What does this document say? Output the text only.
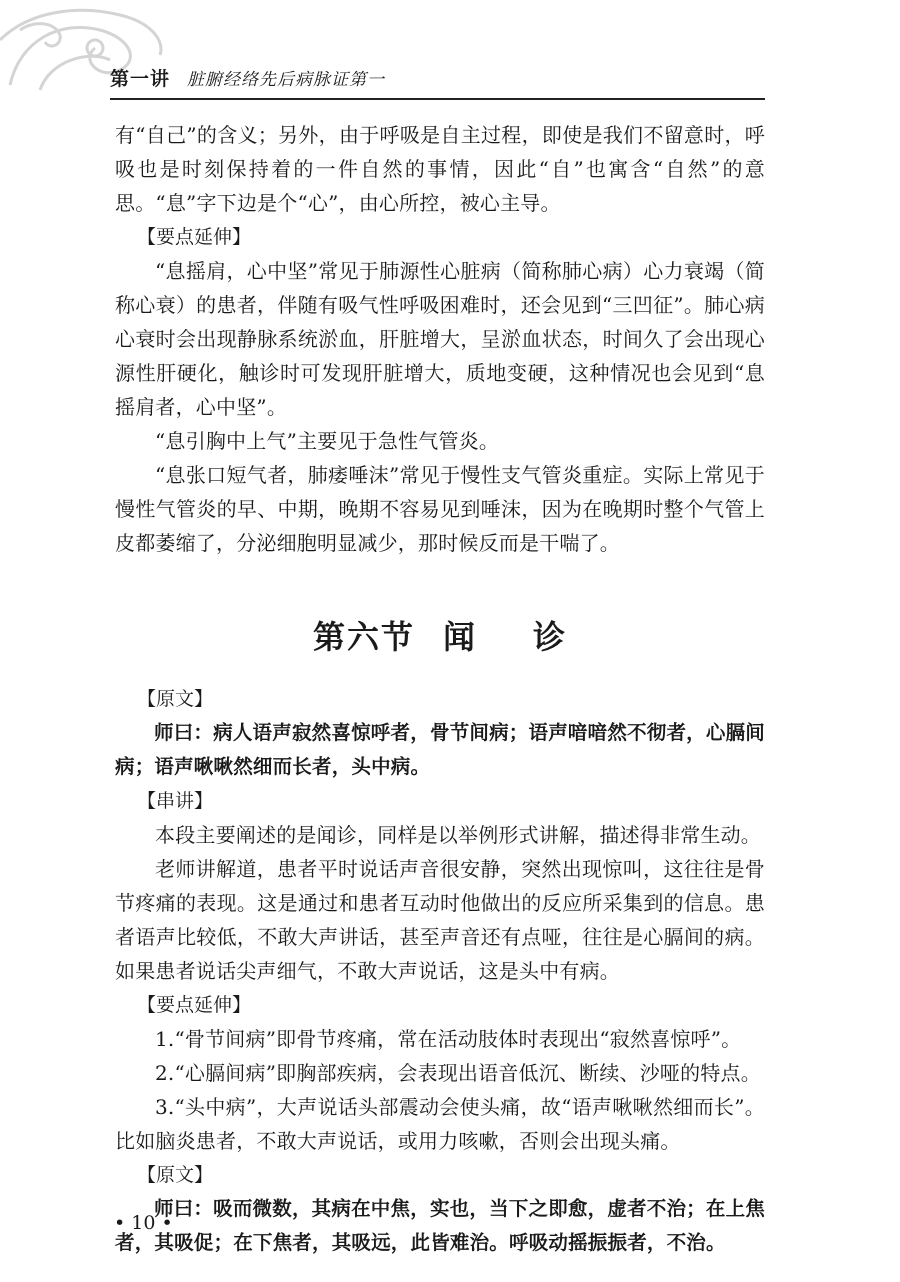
第一讲 脏腑经络先后病脉证第一

有“自己”的含义；另外，由于呼吸是自主过程，即使是我们不留意时，呼吸也是时刻保持着的一件自然的事情，因此“自”也寓含“自然”的意思。“息”字下边是个“心”，由心所控，被心主导。

【要点延伸】

“息摇肩，心中坚”常见于肺源性心脏病（简称肺心病）心力衰竭（简称心衰）的患者，伴随有吸气性呼吸困难时，还会见到“三凹征”。肺心病心衰时会出现静脉系统淤血，肝脏增大，呈淤血状态，时间久了会出现心源性肝硬化，触诊时可发现肝脏增大，质地变硬，这种情况也会见到“息摇肩者，心中坚”。

“息引胸中上气”主要见于急性气管炎。

“息张口短气者，肺痿唾沫”常见于慢性支气管炎重症。实际上常见于慢性气管炎的早、中期，晚期不容易见到唾沫，因为在晚期时整个气管上皮都萎缩了，分泌细胞明显减少，那时候反而是干喘了。

第六节 闻 诊
【原文】

师曰：病人语声寂然喜惊呼者，骨节间病；语声喑喑然不彻者，心膈间病；语声啾啾然细而长者，头中病。

【串讲】

本段主要阐述的是闻诊，同样是以举例形式讲解，描述得非常生动。

老师讲解道，患者平时说话声音很安静，突然出现惊叫，这往往是骨节疼痛的表现。这是通过和患者互动时他做出的反应所采集到的信息。患者语声比较低，不敢大声讲话，甚至声音还有点哑，往往是心膈间的病。如果患者说话尖声细气，不敢大声说话，这是头中有病。

【要点延伸】

1.“骨节间病”即骨节疼痛，常在活动肢体时表现出“寂然喜惊呼”。

2.“心膈间病”即胸部疾病，会表现出语音低沉、断续、沙哑的特点。

3.“头中病”，大声说话头部震动会使头痛，故“语声啾啾然细而长”。比如脑炎患者，不敢大声说话，或用力咳嗽，否则会出现头痛。

【原文】

师曰：吸而微数，其病在中焦，实也，当下之即愈，虚者不治；在上焦者，其吸促；在下焦者，其吸远，此皆难治。呼吸动摇振振者，不治。

• 10 •
